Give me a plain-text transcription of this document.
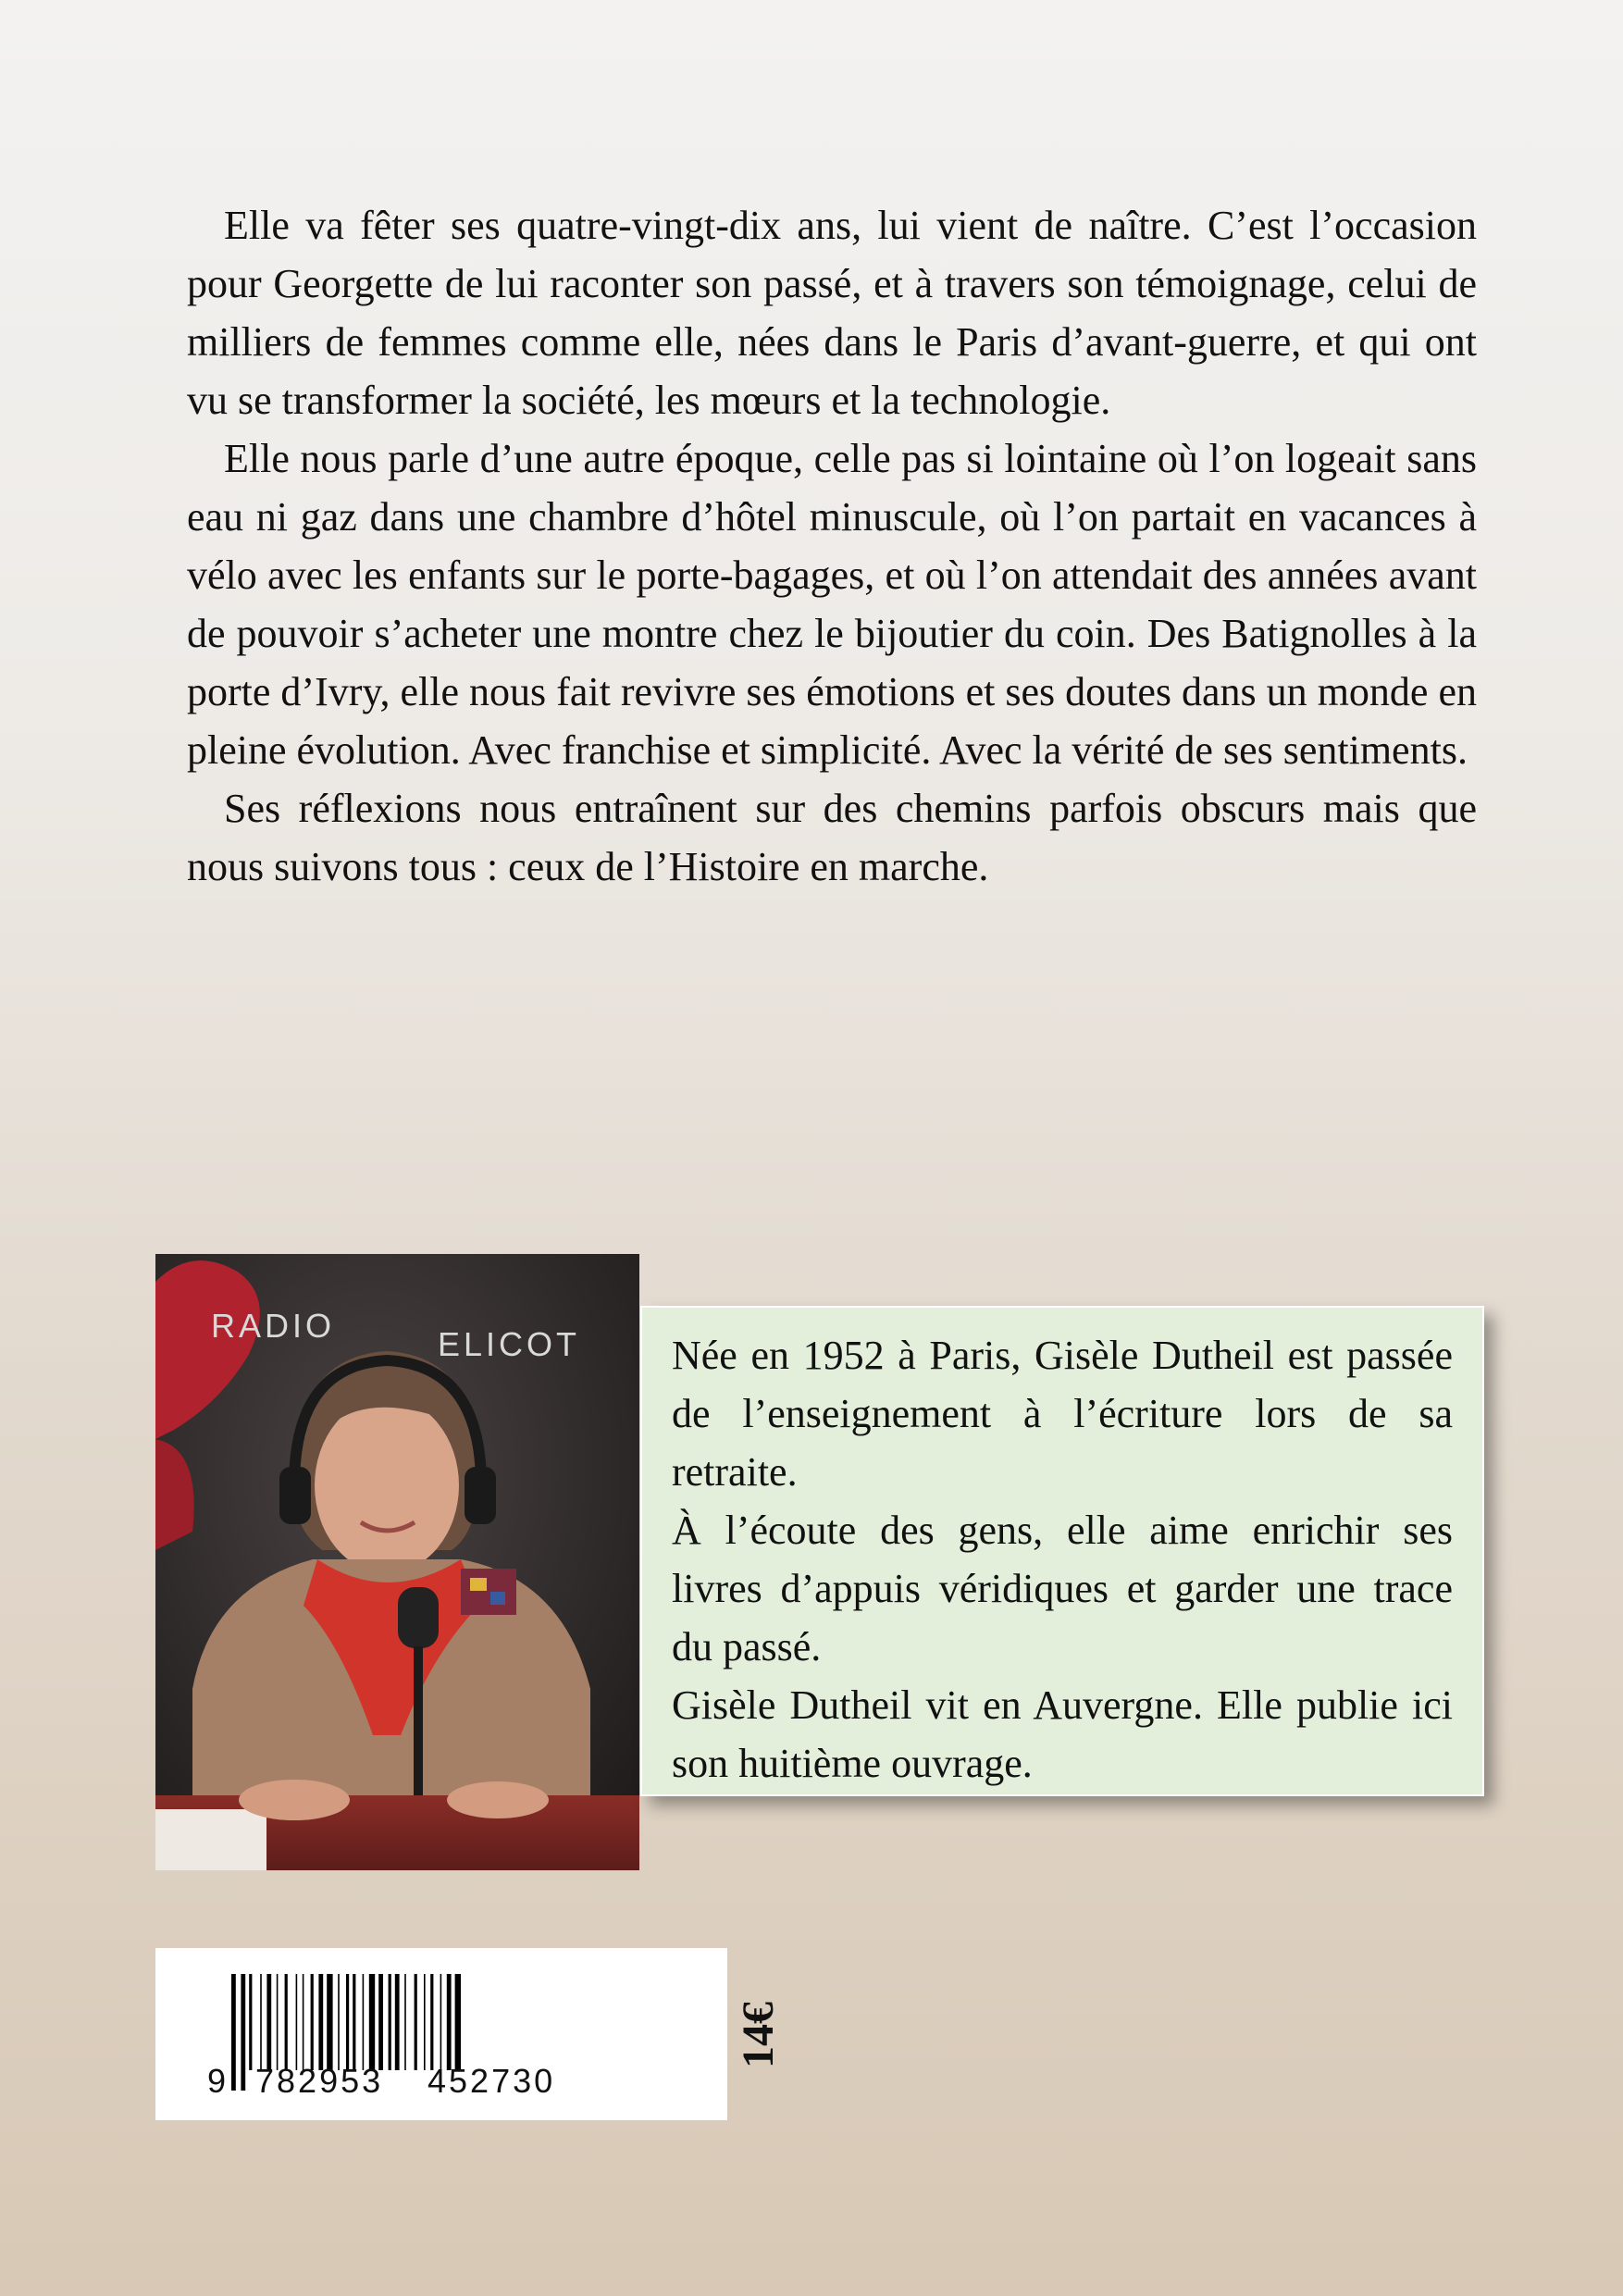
Elle va fêter ses quatre-vingt-dix ans, lui vient de naître. C’est l’occasion pour Georgette de lui raconter son passé, et à travers son témoignage, celui de milliers de femmes comme elle, nées dans le Paris d’avant-guerre, et qui ont vu se transformer la société, les mœurs et la technologie.

Elle nous parle d’une autre époque, celle pas si lointaine où l’on logeait sans eau ni gaz dans une chambre d’hôtel minuscule, où l’on partait en vacances à vélo avec les enfants sur le porte-bagages, et où l’on attendait des années avant de pouvoir s’acheter une montre chez le bijoutier du coin. Des Batignolles à la porte d’Ivry, elle nous fait revivre ses émotions et ses doutes dans un monde en pleine évolution. Avec franchise et simplicité. Avec la vérité de ses sentiments.

Ses réflexions nous entraînent sur des chemins parfois obscurs mais que nous suivons tous : ceux de l’Histoire en marche.

RADIO	ELICOT Née en 1952 à Paris, Gisèle Dutheil est passée de l’enseignement à l’écriture lors de sa retraite.

À l’écoute des gens, elle aime enrichir ses livres d’appuis véridiques et garder une trace du passé.

Gisèle Dutheil vit en Auvergne. Elle publie ici son huitième ouvrage.

9 782953 452730
14€
